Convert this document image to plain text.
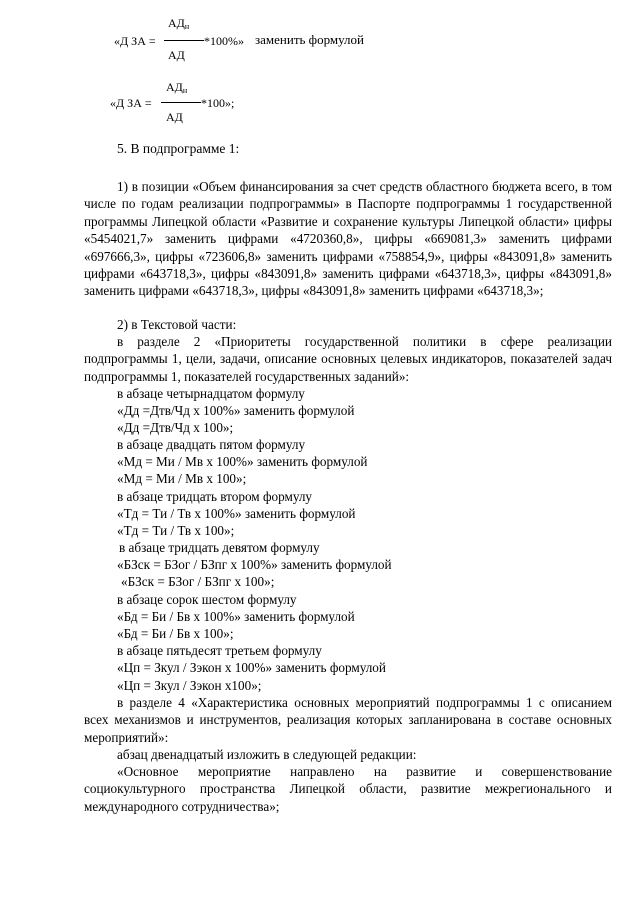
$АД_н$
«Д ЗА =	*100%» заменить формулой
АД
$АД_н$
«Д ЗА =	*100»;
АД
5. В подпрограмме 1:

1) в позиции «Объем финансирования за счет средств областного бюджета всего, в том числе по годам реализации подпрограммы» в Паспорте подпрограммы 1 государственной программы Липецкой области «Развитие и сохранение культуры Липецкой области» цифры «5454021,7» заменить цифрами «4720360,8», цифры «669081,3» заменить цифрами «697666,3», цифры «723606,8» заменить цифрами «758854,9», цифры «843091,8» заменить цифрами «643718,3», цифры «843091,8» заменить цифрами «643718,3», цифры «843091,8» заменить цифрами «643718,3», цифры «843091,8» заменить цифрами «643718,3»;

2) в Текстовой части:

в разделе 2 «Приоритеты государственной политики в сфере реализации подпрограммы 1, цели, задачи, описание основных целевых индикаторов, показателей задач подпрограммы 1, показателей государственных заданий»:

в абзаце четырнадцатом формулу
«Дд =Дтв/Чд х 100%» заменить формулой
«Дд =Дтв/Чд х 100»;
в абзаце двадцать пятом формулу
«Мд = Ми / Мв х 100%» заменить формулой
«Мд = Ми / Мв х 100»;
в абзаце тридцать втором формулу
«Тд = Ти / Тв х 100%» заменить формулой
«Тд = Ти / Тв х 100»;
в абзаце тридцать девятом формулу
«БЗск = БЗог / БЗпг х 100%» заменить формулой
«БЗск = БЗог / БЗпг х 100»;
в абзаце сорок шестом формулу
«Бд = Би / Бв х 100%» заменить формулой
«Бд = Би / Бв х 100»;
в абзаце пятьдесят третьем формулу
«Цп = Зкул / Зэкон х 100%» заменить формулой
«Цп = Зкул / Зэкон х100»;

в разделе 4 «Характеристика основных мероприятий подпрограммы 1 с описанием всех механизмов и инструментов, реализация которых запланирована в составе основных мероприятий»:

абзац двенадцатый изложить в следующей редакции:

«Основное мероприятие направлено на развитие и совершенствование социокультурного пространства Липецкой области, развитие межрегионального и международного сотрудничества»;
